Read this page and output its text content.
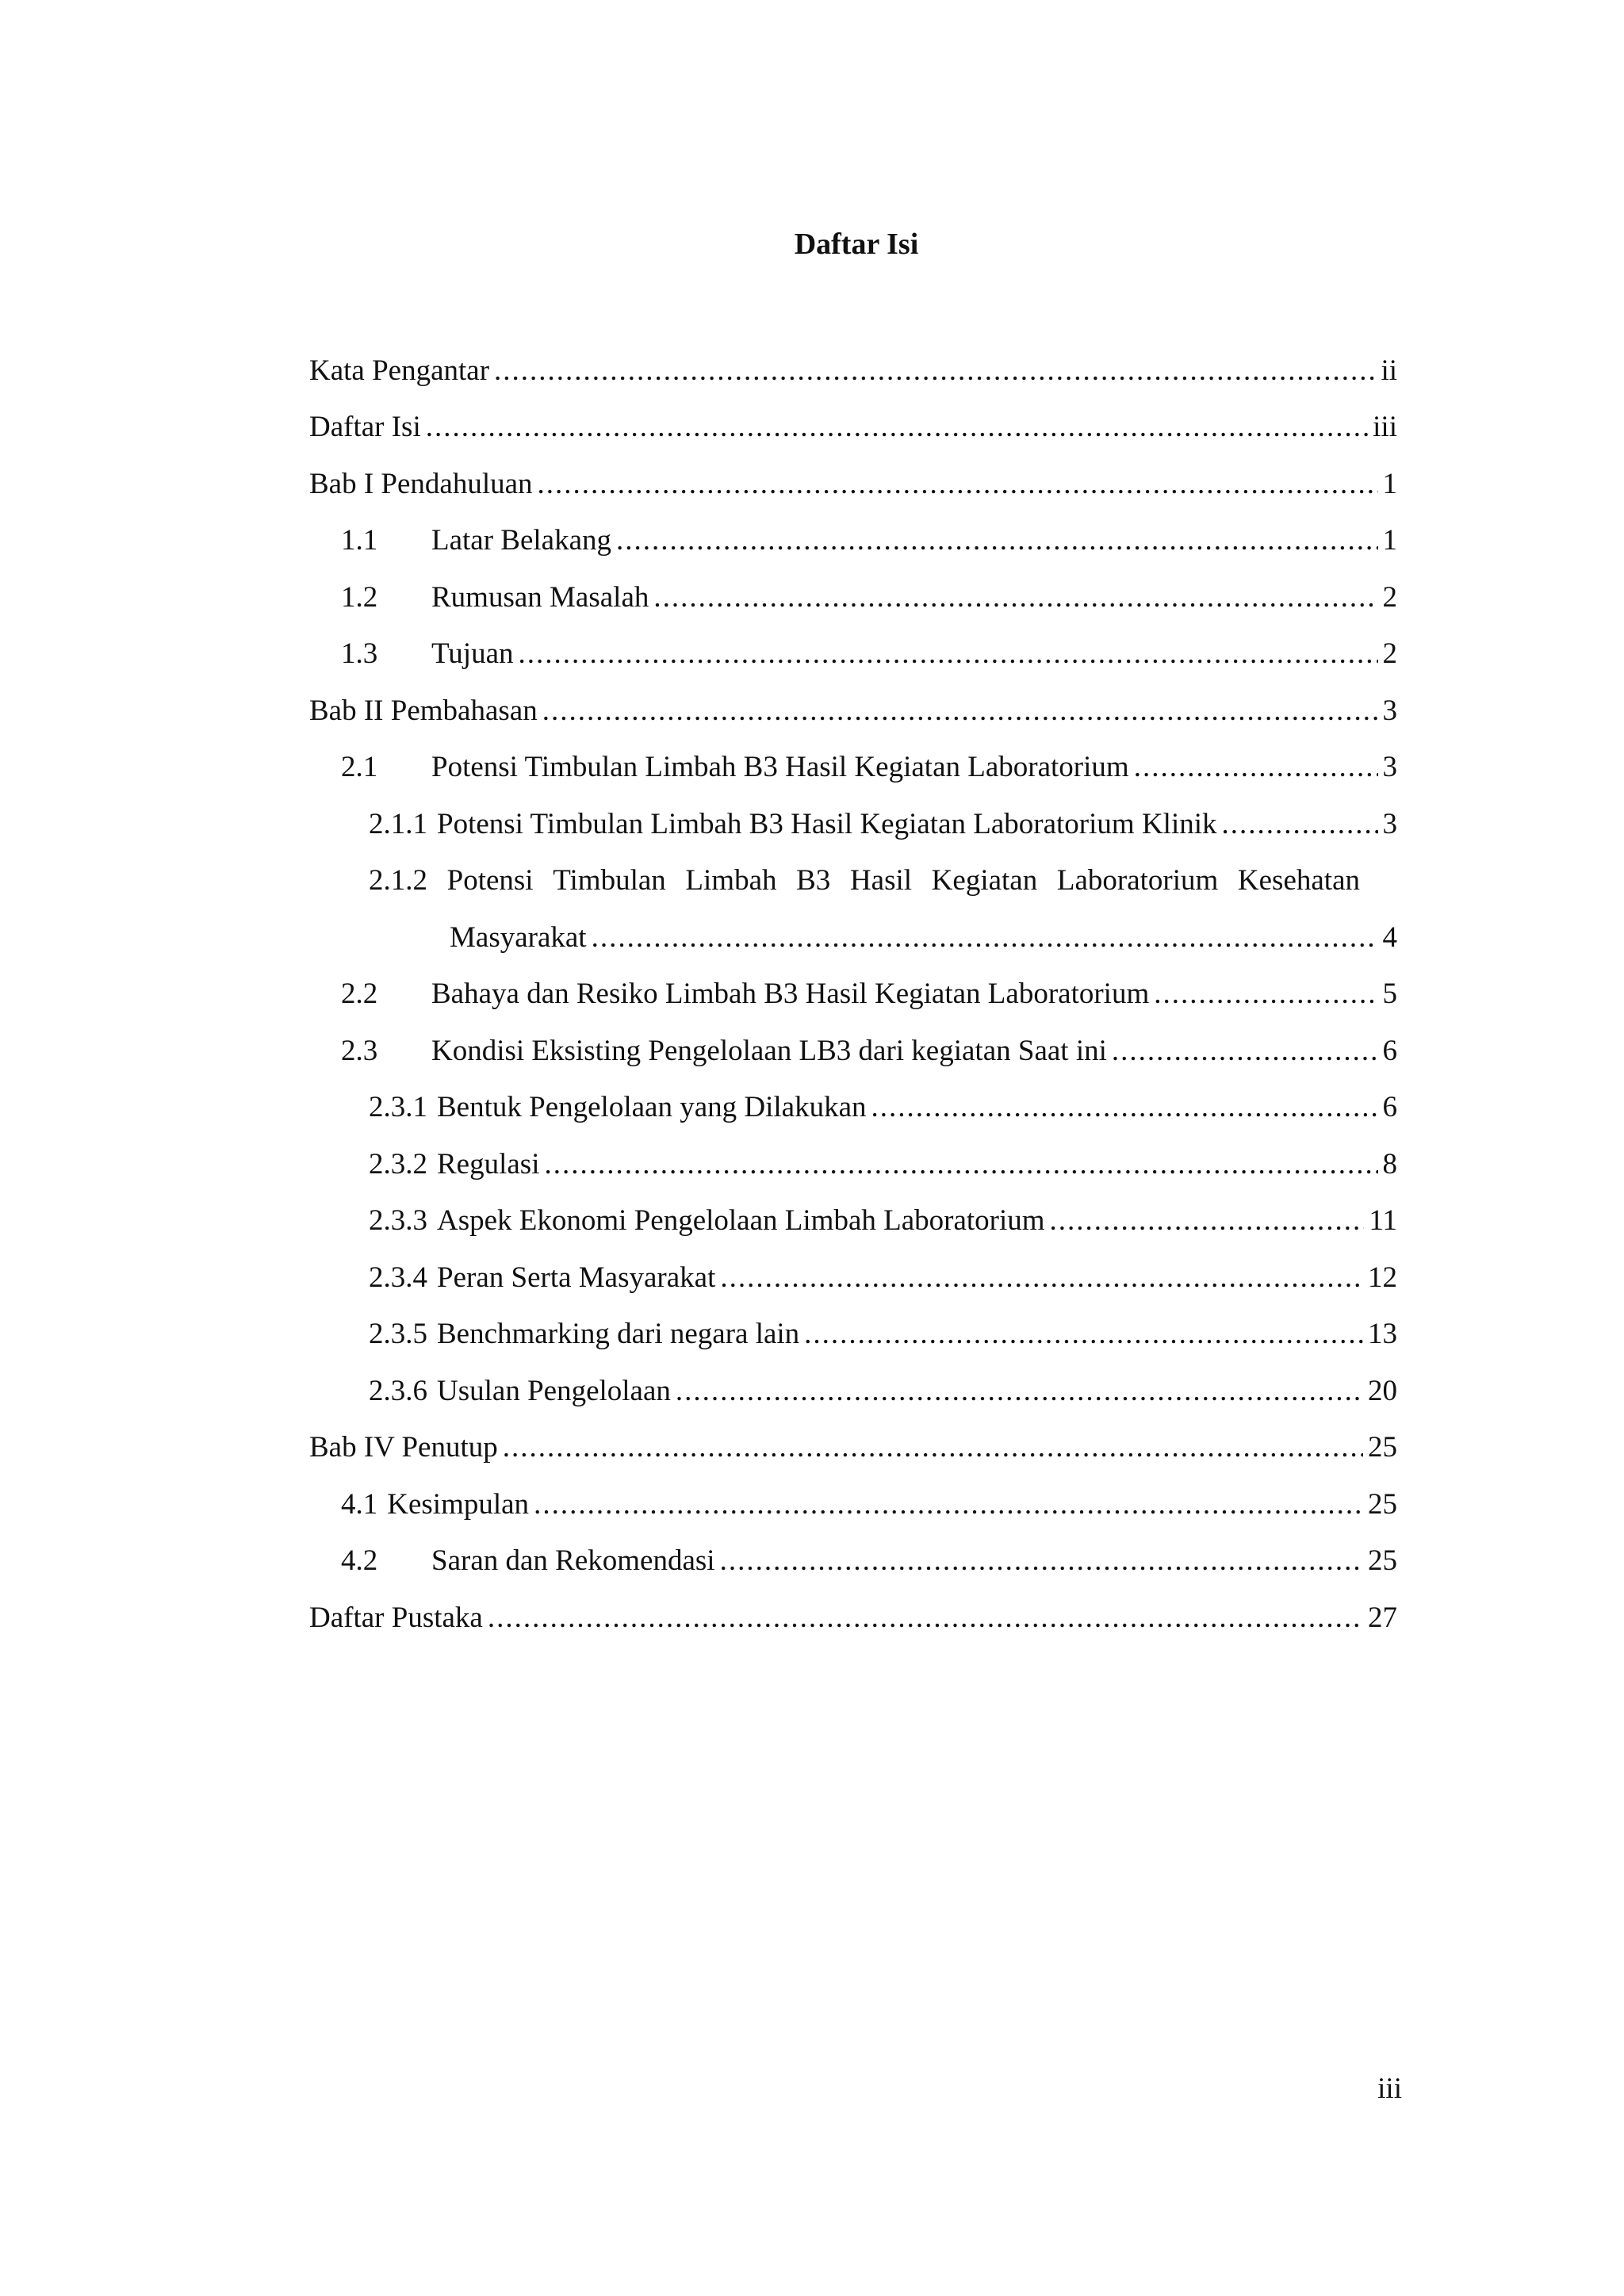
Daftar Isi
Kata Pengantar .....	ii
Daftar Isi .....	iii
Bab I Pendahuluan .....	1
1.1	Latar Belakang .....	1
1.2	Rumusan Masalah .....	2
1.3	Tujuan .....	2
Bab II Pembahasan .....	3
2.1	Potensi Timbulan Limbah B3 Hasil Kegiatan Laboratorium .....	3
2.1.1 Potensi Timbulan Limbah B3 Hasil Kegiatan Laboratorium Klinik .....	3
2.1.2 Potensi Timbulan Limbah B3 Hasil Kegiatan Laboratorium Kesehatan
Masyarakat .....	4
2.2	Bahaya dan Resiko Limbah B3 Hasil Kegiatan Laboratorium .....	5
2.3	Kondisi Eksisting Pengelolaan LB3 dari kegiatan Saat ini .....	6
2.3.1 Bentuk Pengelolaan yang Dilakukan .....	6
2.3.2 Regulasi .....	8
2.3.3 Aspek Ekonomi Pengelolaan Limbah Laboratorium .....	11
2.3.4 Peran Serta Masyarakat .....	12
2.3.5 Benchmarking dari negara lain .....	13
2.3.6 Usulan Pengelolaan .....	20
Bab IV Penutup .....	25
4.1 Kesimpulan .....	25
4.2	Saran dan Rekomendasi .....	25
Daftar Pustaka .....	27
iii
